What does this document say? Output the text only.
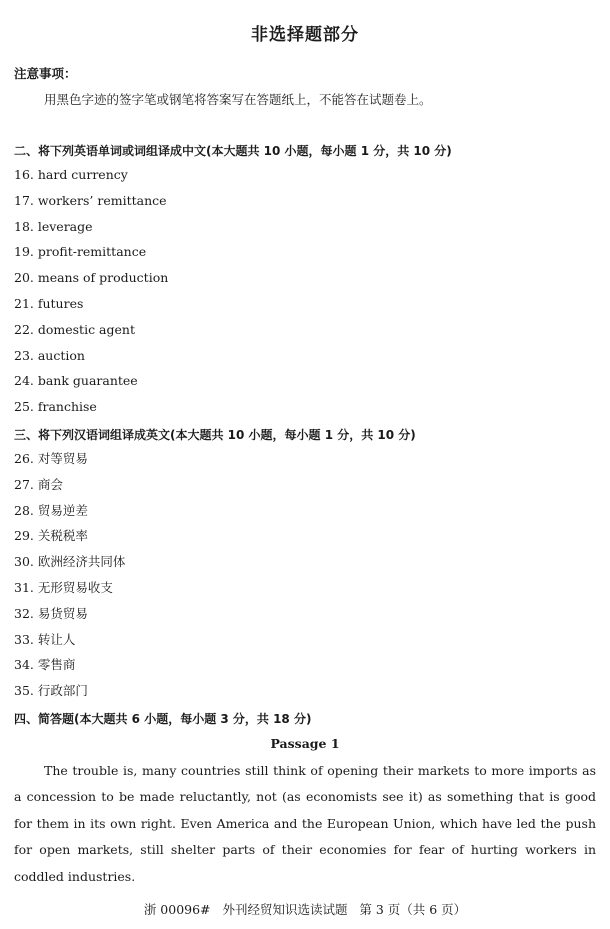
非选择题部分
注意事项：
用黑色字迹的签字笔或钢笔将答案写在答题纸上，不能答在试题卷上。
二、将下列英语单词或词组译成中文(本大题共 10 小题，每小题 1 分，共 10 分)
16. hard currency
17. workers’ remittance
18. leverage
19. profit-remittance
20. means of production
21. futures
22. domestic agent
23. auction
24. bank guarantee
25. franchise
三、将下列汉语词组译成英文(本大题共 10 小题，每小题 1 分，共 10 分)
26. 对等贸易
27. 商会
28. 贸易逆差
29. 关税税率
30. 欧洲经济共同体
31. 无形贸易收支
32. 易货贸易
33. 转让人
34. 零售商
35. 行政部门
四、简答题(本大题共 6 小题，每小题 3 分，共 18 分)
Passage 1

The trouble is, many countries still think of opening their markets to more imports as a concession to be made reluctantly, not (as economists see it) as something that is good for them in its own right. Even America and the European Union, which have led the push for open markets, still shelter parts of their economies for fear of hurting workers in coddled industries.

浙 00096#   外刊经贸知识选读试题   第 3 页（共 6 页）
